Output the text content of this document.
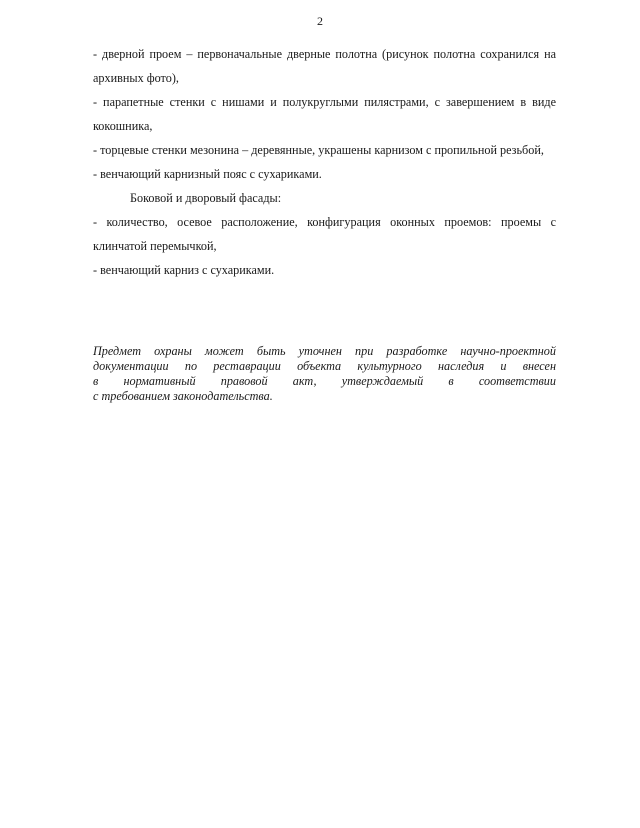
2

- дверной проем – первоначальные дверные полотна (рисунок полотна сохранился на архивных фото),

- парапетные стенки с нишами и полукруглыми пилястрами, с завершением в виде кокошника,

- торцевые стенки мезонина – деревянные, украшены карнизом с пропильной резьбой,

- венчающий карнизный пояс с сухариками.

Боковой и дворовый фасады:

- количество, осевое расположение, конфигурация оконных проемов: проемы с клинчатой перемычкой,

- венчающий карниз с сухариками.

Предмет охраны может быть уточнен при разработке научно-проектной
документации по реставрации объекта культурного наследия и внесен
в нормативный правовой акт, утверждаемый в соответствии
с требованием законодательства.
